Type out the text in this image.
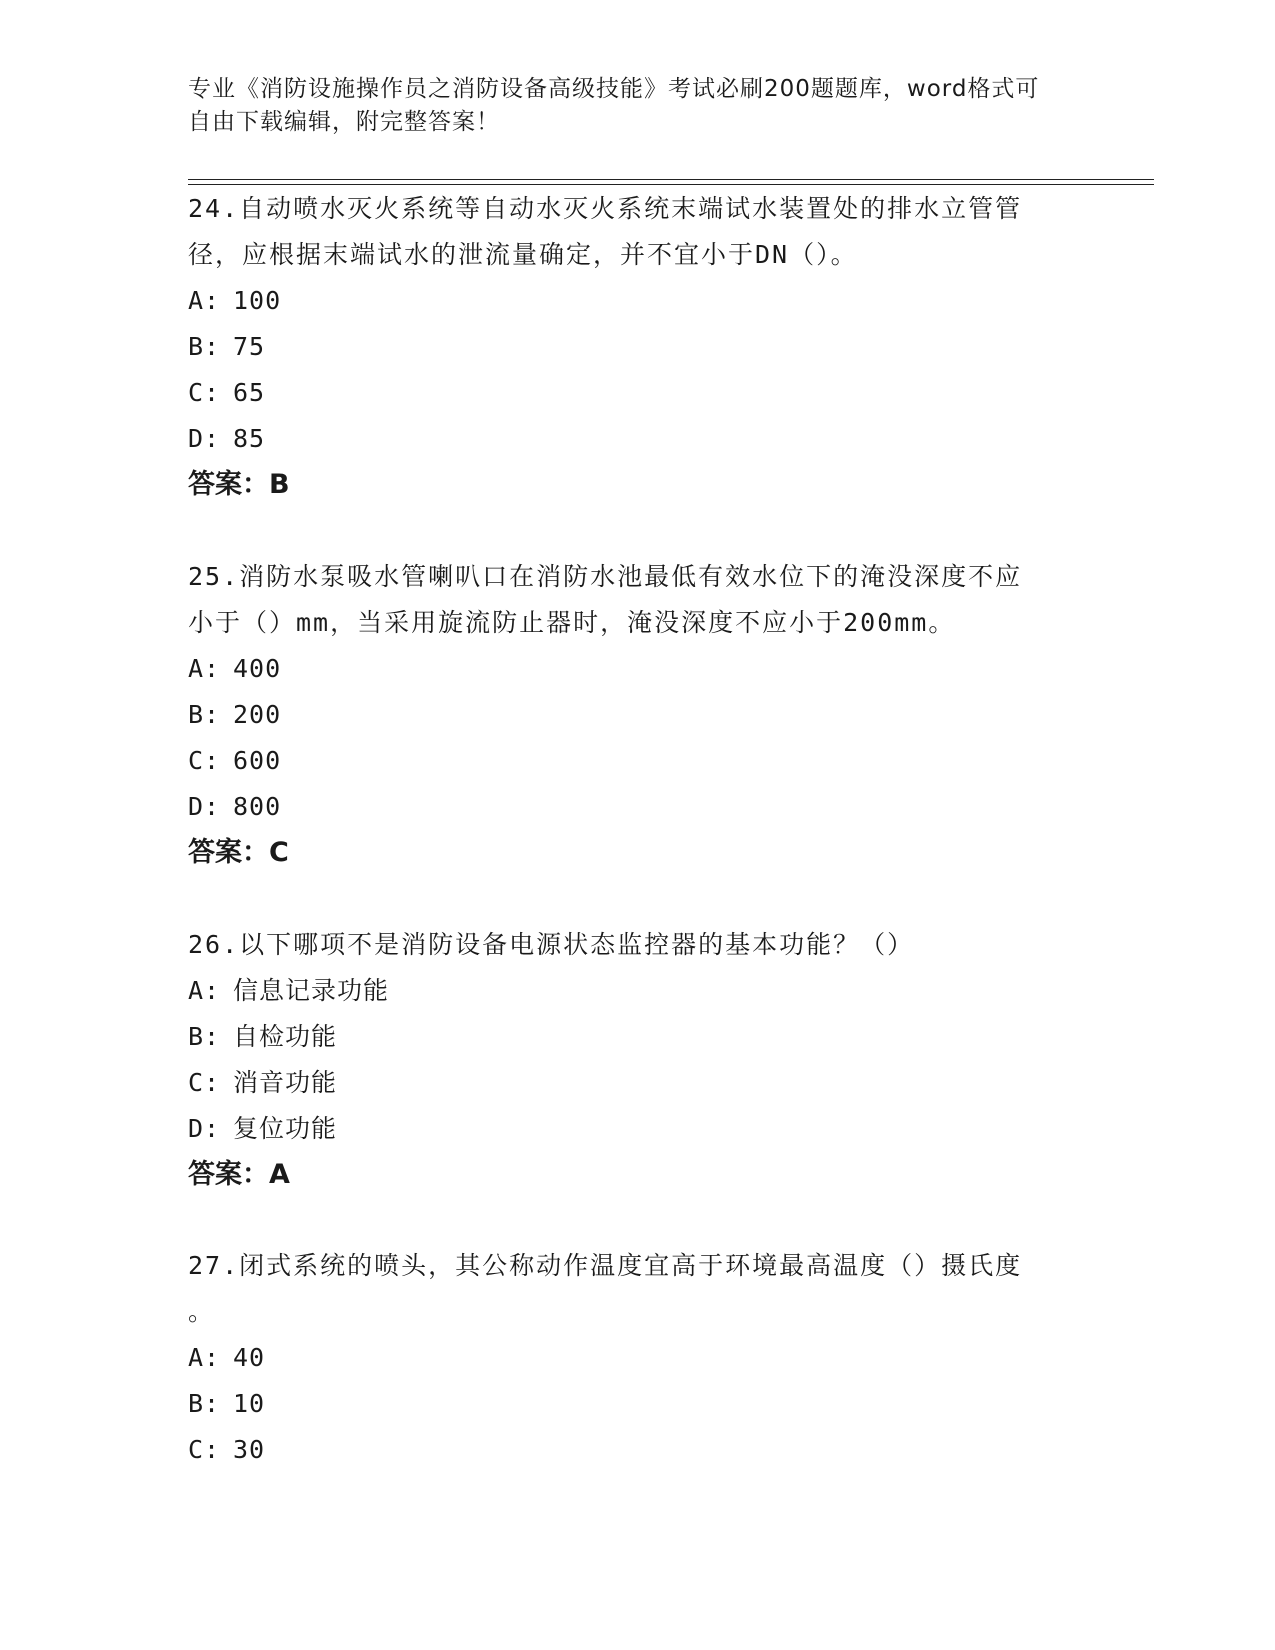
专业《消防设施操作员之消防设备高级技能》考试必刷200题题库，word格式可
自由下载编辑，附完整答案！

24.自动喷水灭火系统等自动水灭火系统末端试水装置处的排水立管管

径，应根据末端试水的泄流量确定，并不宜小于DN（）。

A: 100

B: 75

C: 65

D: 85

答案：B

25.消防水泵吸水管喇叭口在消防水池最低有效水位下的淹没深度不应

小于（）mm，当采用旋流防止器时，淹没深度不应小于200mm。

A: 400

B: 200

C: 600

D: 800

答案：C

26.以下哪项不是消防设备电源状态监控器的基本功能？（）

A: 信息记录功能

B: 自检功能

C: 消音功能

D: 复位功能

答案：A

27.闭式系统的喷头，其公称动作温度宜高于环境最高温度（）摄氏度

。

A: 40

B: 10

C: 30
